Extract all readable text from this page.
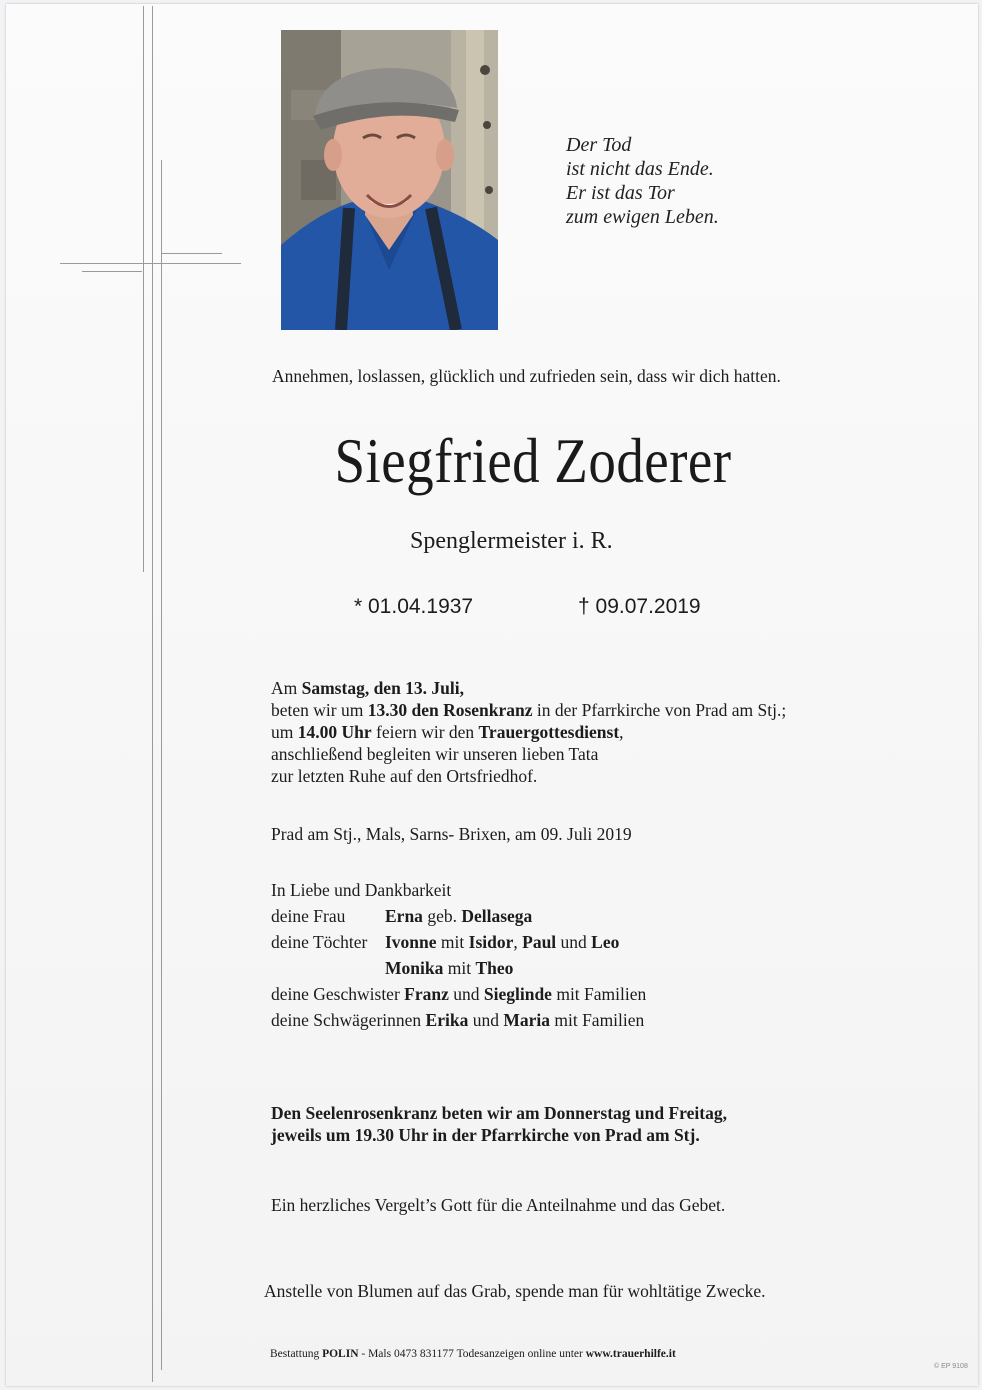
Der Tod
ist nicht das Ende.
Er ist das Tor
zum ewigen Leben.
Annehmen, loslassen, glücklich und zufrieden sein, dass wir dich hatten.
Siegfried Zoderer
Spenglermeister i. R.
* 01.04.1937	† 09.07.2019
Am Samstag, den 13. Juli,
beten wir um 13.30 den Rosenkranz in der Pfarrkirche von Prad am Stj.;
um 14.00 Uhr feiern wir den Trauergottesdienst,
anschließend begleiten wir unseren lieben Tata
zur letzten Ruhe auf den Ortsfriedhof.
Prad am Stj., Mals, Sarns- Brixen, am 09. Juli 2019
In Liebe und Dankbarkeit
deine Frau Erna geb. Dellasega
deine Töchter Ivonne mit Isidor, Paul und Leo
Monika mit Theo
deine Geschwister Franz und Sieglinde mit Familien
deine Schwägerinnen Erika und Maria mit Familien
Den Seelenrosenkranz beten wir am Donnerstag und Freitag,
jeweils um 19.30 Uhr in der Pfarrkirche von Prad am Stj.
Ein herzliches Vergelt’s Gott für die Anteilnahme und das Gebet.
Anstelle von Blumen auf das Grab, spende man für wohltätige Zwecke.
Bestattung POLIN - Mals 0473 831177 Todesanzeigen online unter www.trauerhilfe.it
© EP 9108
